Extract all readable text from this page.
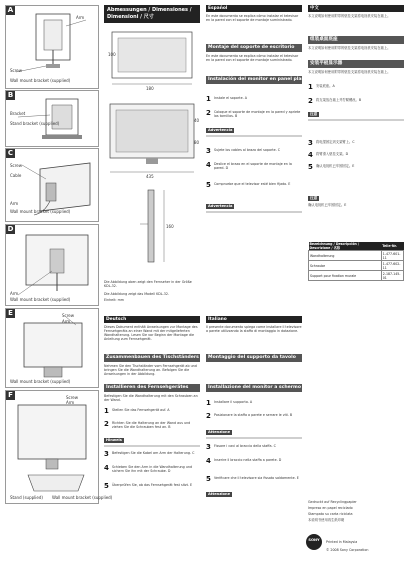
A
Arm
Screw
Wall mount bracket (supplied)
B
Bracket
Stand bracket (supplied)
C
Screw
Cable
Arm
Wall mount bracket (supplied)
D
Arm
Wall mount bracket (supplied)
E	Screw
Arm
Wall mount bracket (supplied)
F	Screw
Arm
Stand (supplied) Wall mount bracket (supplied)
Abmessungen / Dimensiones /
Dimensioni / 尺寸
180
100
40
80
435
160
Die Abbildung oben zeigt den Fernseher in der Größe KDL-32.
Die Abbildung zeigt das Modell KDL-32.
Einheit: mm
Deutsch
Dieses Dokument enthält Anweisungen zur Montage des Fernsehgeräts an einer Wand mit der mitgelieferten Wandhalterung. Lesen Sie vor Beginn der Montage die Anleitung zum Fernsehgerät.
Zusammenbauen des Tischständers
Nehmen Sie den Tischständer vom Fernsehgerät ab und bringen Sie die Wandhalterung an. Befolgen Sie die Anweisungen in der Abbildung.
Installieren des Fernsehgerätes
Befestigen Sie die Wandhalterung mit den Schrauben an der Wand.
1 Stellen Sie das Fernsehgerät auf. A
2 Richten Sie die Halterung an der Wand aus und ziehen Sie die Schrauben fest an. B
Hinweis
3 Befestigen Sie die Kabel am Arm der Halterung. C
4 Schieben Sie den Arm in die Wandhalterung und sichern Sie ihn mit der Schraube. D
5 Überprüfen Sie, ob das Fernsehgerät fest sitzt. E
Español
En este documento se explica cómo instalar el televisor en la pared con el soporte de montaje suministrado.
Montaje del soporte de escritorio
En este documento se explica cómo instalar el televisor en la pared con el soporte de montaje suministrado.
Instalación del monitor en panel plano
1 Instale el soporte. A
2 Coloque el soporte de montaje en la pared y apriete los tornillos. B
Advertencia
3 Sujete los cables al brazo del soporte. C
4 Deslice el brazo en el soporte de montaje en la pared. D
5 Compruebe que el televisor esté bien fijado. E
Advertencia
Italiano
Il presente documento spiega come installare il televisore a parete utilizzando la staffa di montaggio in dotazione.
Montaggio del supporto da tavolo
Installazione del monitor a schermo piatto
1 Installare il supporto. A
2 Posizionare la staffa a parete e serrare le viti. B
Attenzione
3 Fissare i cavi al braccio della staffa. C
4 Inserire il braccio nella staffa a parete. D
5 Verificare che il televisore sia fissato saldamente. E
Attenzione
中文
本文说明如何使用附带的壁挂支架将电视机安装在墙上。
组装桌面底座
本文说明如何使用附带的壁挂支架将电视机安装在墙上。
安装平板显示器
本文说明如何使用附带的壁挂支架将电视机安装在墙上。
1 安装底座。A
2 将支架放在墙上并拧紧螺丝。B
注意
3 将电缆固定到支架臂上。C
4 将臂滑入壁挂支架。D
5 确认电视机已牢固固定。E
注意
确认电视机已牢固固定。E
Bezeichnung / Descripción / Descrizione / 名称	Teile-Nr.
Wandhalterung	1-477-601-11
Schraube	1-477-602-11
Support pour fixation murale	2-187-145-01
Gedruckt auf Recyclingpapier
Impreso en papel reciclado
Stampato su carta riciclata
本说明书使用再生纸印刷
SONY	Printed in Malaysia
© 2008 Sony Corporation
